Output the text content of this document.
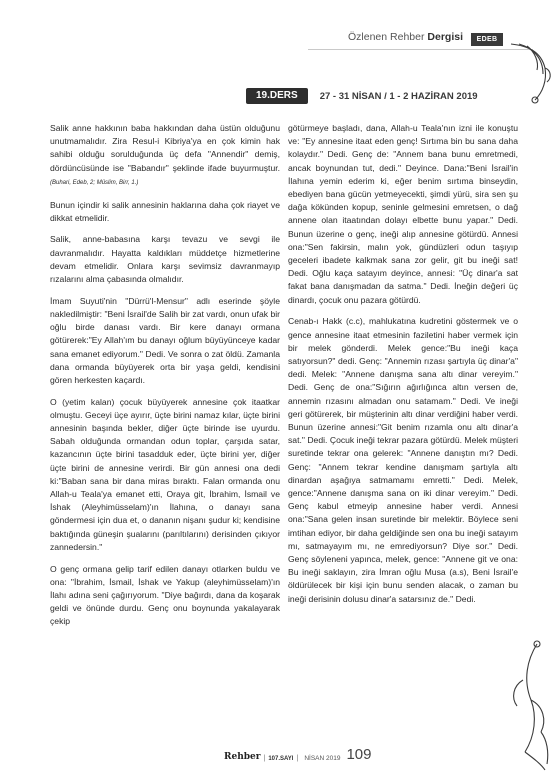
Özlenen Rehber Dergisi	EDEB
19.DERS	27 - 31 NİSAN / 1 - 2 HAZİRAN 2019

Salik anne hakkının baba hakkından daha üstün olduğunu unutmamalıdır. Zira Resul-i Kibriya'ya en çok kimin hak sahibi olduğu sorulduğunda üç defa "Annendir" demiş, dördüncüsünde ise "Babandır" şeklinde ifade buyurmuştur. (Buhari, Edeb, 2; Müslim, Birr, 1.)

Bunun içindir ki salik annesinin haklarına daha çok riayet ve dikkat etmelidir.

Salik, anne-babasına karşı tevazu ve sevgi ile davranmalıdır. Hayatta kaldıkları müddetçe hizmetlerine devam etmelidir. Onlara karşı sevimsiz davranmayıp rızalarını alma çabasında olmalıdır.

İmam Suyuti'nin "Dürrü'l-Mensur" adlı eserinde şöyle nakledilmiştir: "Beni İsrail'de Salih bir zat vardı, onun ufak bir oğlu birde danası vardı. Bir kere danayı ormana götürerek:"Ey Allah'ım bu danayı oğlum büyüyünceye kadar sana emanet ediyorum." Dedi. Ve sonra o zat öldü. Zamanla dana ormanda büyüyerek orta bir yaşa geldi, kendisini gören herkesten kaçardı.

O (yetim kalan) çocuk büyüyerek annesine çok itaatkar olmuştu. Geceyi üçe ayırır, üçte birini namaz kılar, üçte birini annesinin başında bekler, diğer üçte birinde ise uyurdu. Sabah olduğunda ormandan odun toplar, çarşıda satar, kazancının üçte birini tasadduk eder, üçte birini yer, diğer üçte birini de annesine verirdi. Bir gün annesi ona dedi ki:"Baban sana bir dana miras bıraktı. Falan ormanda onu Allah-u Teala'ya emanet etti, Oraya git, İbrahim, İsmail ve İshak (Aleyhimüsselam)'ın İlahına, o danayı sana göndermesi için dua et, o dananın nişanı şudur ki; kendisine baktığında güneşin şualarını (parıltılarını) derisinden çıkıyor zannedersin."

O genç ormana gelip tarif edilen danayı otlarken buldu ve ona: "İbrahim, İsmail, İshak ve Yakup (aleyhimüsselam)'ın İlahı adına seni çağırıyorum. "Diye bağırdı, dana da koşarak geldi ve önünde durdu. Genç onu boynunda yakalayarak çekip

götürmeye başladı, dana, Allah-u Teala'nın izni ile konuştu ve: "Ey annesine itaat eden genç! Sırtıma bin bu sana daha kolaydır." Dedi. Genç de: "Annem bana bunu emretmedi, ancak boynundan tut, dedi." Deyince. Dana:"Beni İsrail'in İlahına yemin ederim ki, eğer benim sırtıma binseydin, ebediyen bana gücün yetmeyecekti, şimdi yürü, sira sen şu dağa kökünden kopup, seninle gelmesini emretsen, o dağ annene olan itaatından dolayı elbette bunu yapar." Dedi. Bunun üzerine o genç, ineği alıp annesine götürdü. Annesi ona:"Sen fakirsin, malın yok, gündüzleri odun taşıyıp geceleri ibadete kalkmak sana zor gelir, git bu ineği sat! Dedi. Oğlu kaça satayım deyince, annesi: "Üç dinar'a sat fakat bana danışmadan da satma." Dedi. İneğin değeri üç dinardı, çocuk onu pazara götürdü.

Cenab-ı Hakk (c.c), mahlukatına kudretini göstermek ve o gence annesine itaat etmesinin faziletini haber vermek için bir melek gönderdi. Melek gence:"Bu ineği kaça satıyorsun?" dedi. Genç: "Annemin rızası şartıyla üç dinar'a" dedi. Melek: "Annene danışma sana altı dinar vereyim." Dedi. Genç de ona:"Sığırın ağırlığınca altın versen de, annemin rızasını almadan onu satamam." Dedi. Ve ineği geri götürerek, bir müşterinin altı dinar verdiğini haber verdi. Bunun üzerine annesi:"Git benim rızamla onu altı dinar'a sat." Dedi. Çocuk ineği tekrar pazara götürdü. Melek müşteri suretinde tekrar ona gelerek: "Annene danıştın mı? Dedi. Genç: "Annem tekrar kendine danışmam şartıyla altı dinardan aşağıya satmamamı emretti." Dedi. Melek, gence:"Annene danışma sana on iki dinar vereyim." Dedi. Genç kabul etmeyip annesine haber verdi. Annesi ona:"Sana gelen insan suretinde bir melektir. Böylece seni imtihan ediyor, bir daha geldiğinde sen ona bu ineği satayım mı, satmayayım mı, ne emrediyorsun? Diye sor." Dedi. Genç söyleneni yapınca, melek, gence: "Annene git ve ona: Bu ineği saklayın, zira İmran oğlu Musa (a.s), Beni İsrail'e öldürülecek bir kişi için bunu senden alacak, o zaman bu ineği derisinin dolusu dinar'a satarsınız de." Dedi.

Rehber | 107.SAYI | NİSAN 2019 109
